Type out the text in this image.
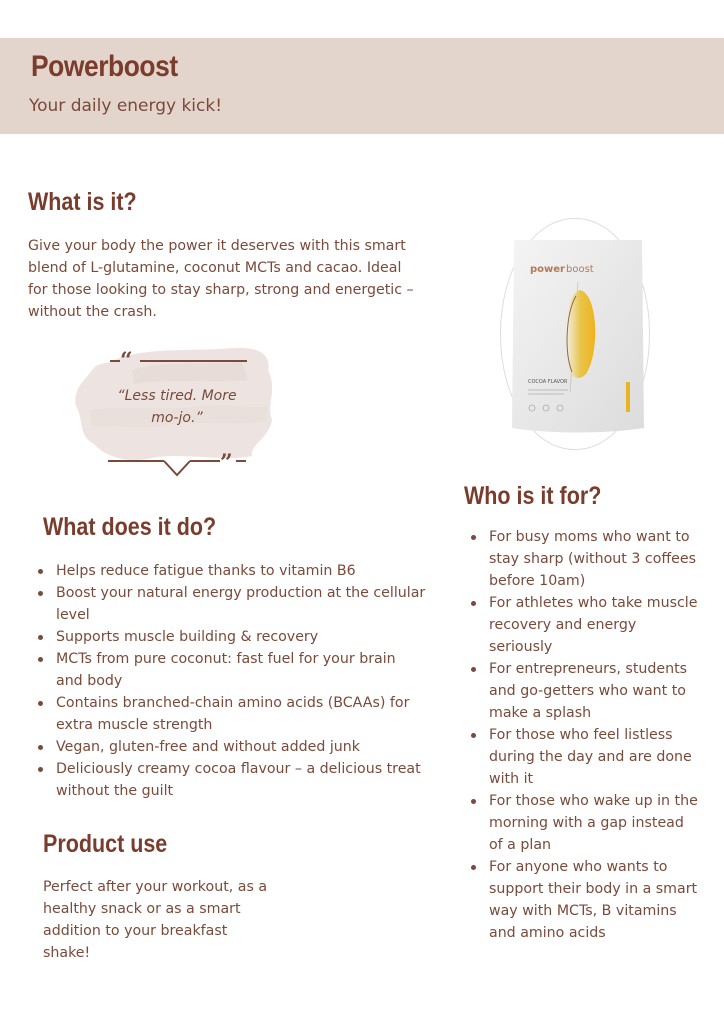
Powerboost
Your daily energy kick!
What is it?
Give your body the power it deserves with this smart
blend of L-glutamine, coconut MCTs and cacao. Ideal
for those looking to stay sharp, strong and energetic –
without the crash.
“
”
“Less tired. More
mo-jo.”
power boost
COCOA FLAVOR
What does it do?
Helps reduce fatigue thanks to vitamin B6
Boost your natural energy production at the cellular
level
Supports muscle building & recovery
MCTs from pure coconut: fast fuel for your brain
and body
Contains branched-chain amino acids (BCAAs) for
extra muscle strength
Vegan, gluten-free and without added junk
Deliciously creamy cocoa flavour – a delicious treat
without the guilt
Product use
Perfect after your workout, as a
healthy snack or as a smart
addition to your breakfast
shake!
Who is it for?
For busy moms who want to
stay sharp (without 3 coffees
before 10am)
For athletes who take muscle
recovery and energy
seriously
For entrepreneurs, students
and go-getters who want to
make a splash
For those who feel listless
during the day and are done
with it
For those who wake up in the
morning with a gap instead
of a plan
For anyone who wants to
support their body in a smart
way with MCTs, B vitamins
and amino acids
